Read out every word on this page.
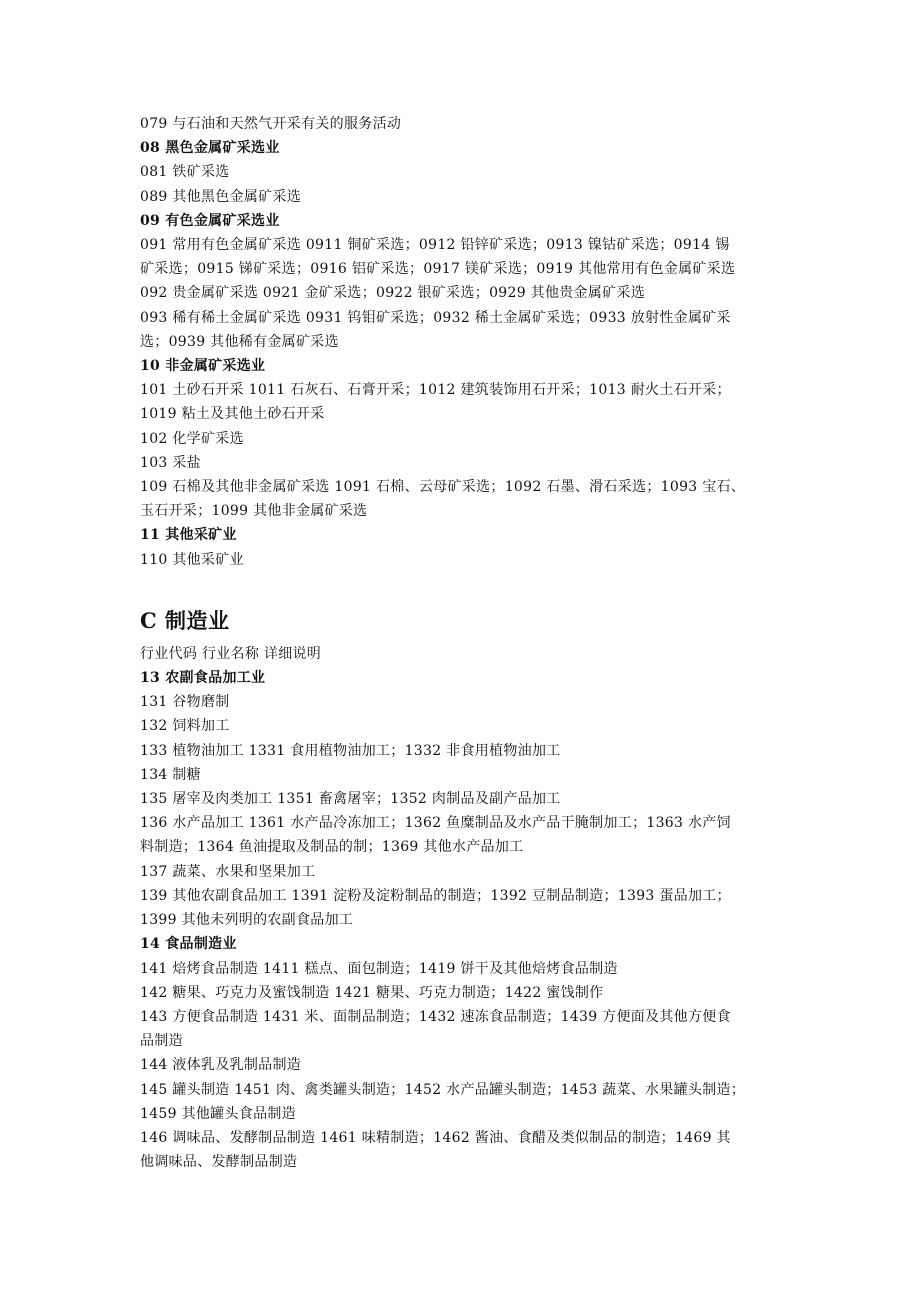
079 与石油和天然气开采有关的服务活动

08 黑色金属矿采选业

081 铁矿采选

089 其他黑色金属矿采选

09 有色金属矿采选业

091 常用有色金属矿采选 0911 铜矿采选；0912 铅锌矿采选；0913 镍钴矿采选；0914 锡

矿采选；0915 锑矿采选；0916 铝矿采选；0917 镁矿采选；0919 其他常用有色金属矿采选

092 贵金属矿采选 0921 金矿采选；0922 银矿采选；0929 其他贵金属矿采选

093 稀有稀土金属矿采选 0931 钨钼矿采选；0932 稀土金属矿采选；0933 放射性金属矿采

选；0939 其他稀有金属矿采选

10 非金属矿采选业

101 土砂石开采 1011 石灰石、石膏开采；1012 建筑装饰用石开采；1013 耐火土石开采；

1019 粘土及其他土砂石开采

102 化学矿采选

103 采盐

109 石棉及其他非金属矿采选 1091 石棉、云母矿采选；1092 石墨、滑石采选；1093 宝石、

玉石开采；1099 其他非金属矿采选

11 其他采矿业

110 其他采矿业

C 制造业

行业代码 行业名称 详细说明

13 农副食品加工业

131 谷物磨制

132 饲料加工

133 植物油加工 1331 食用植物油加工；1332 非食用植物油加工

134 制糖

135 屠宰及肉类加工 1351 畜禽屠宰；1352 肉制品及副产品加工

136 水产品加工 1361 水产品冷冻加工；1362 鱼糜制品及水产品干腌制加工；1363 水产饲

料制造；1364 鱼油提取及制品的制；1369 其他水产品加工

137 蔬菜、水果和坚果加工

139 其他农副食品加工 1391 淀粉及淀粉制品的制造；1392 豆制品制造；1393 蛋品加工；

1399 其他未列明的农副食品加工

14 食品制造业

141 焙烤食品制造 1411 糕点、面包制造；1419 饼干及其他焙烤食品制造

142 糖果、巧克力及蜜饯制造 1421 糖果、巧克力制造；1422 蜜饯制作

143 方便食品制造 1431 米、面制品制造；1432 速冻食品制造；1439 方便面及其他方便食

品制造

144 液体乳及乳制品制造

145 罐头制造 1451 肉、禽类罐头制造；1452 水产品罐头制造；1453 蔬菜、水果罐头制造；

1459 其他罐头食品制造

146 调味品、发酵制品制造 1461 味精制造；1462 酱油、食醋及类似制品的制造；1469 其

他调味品、发酵制品制造
